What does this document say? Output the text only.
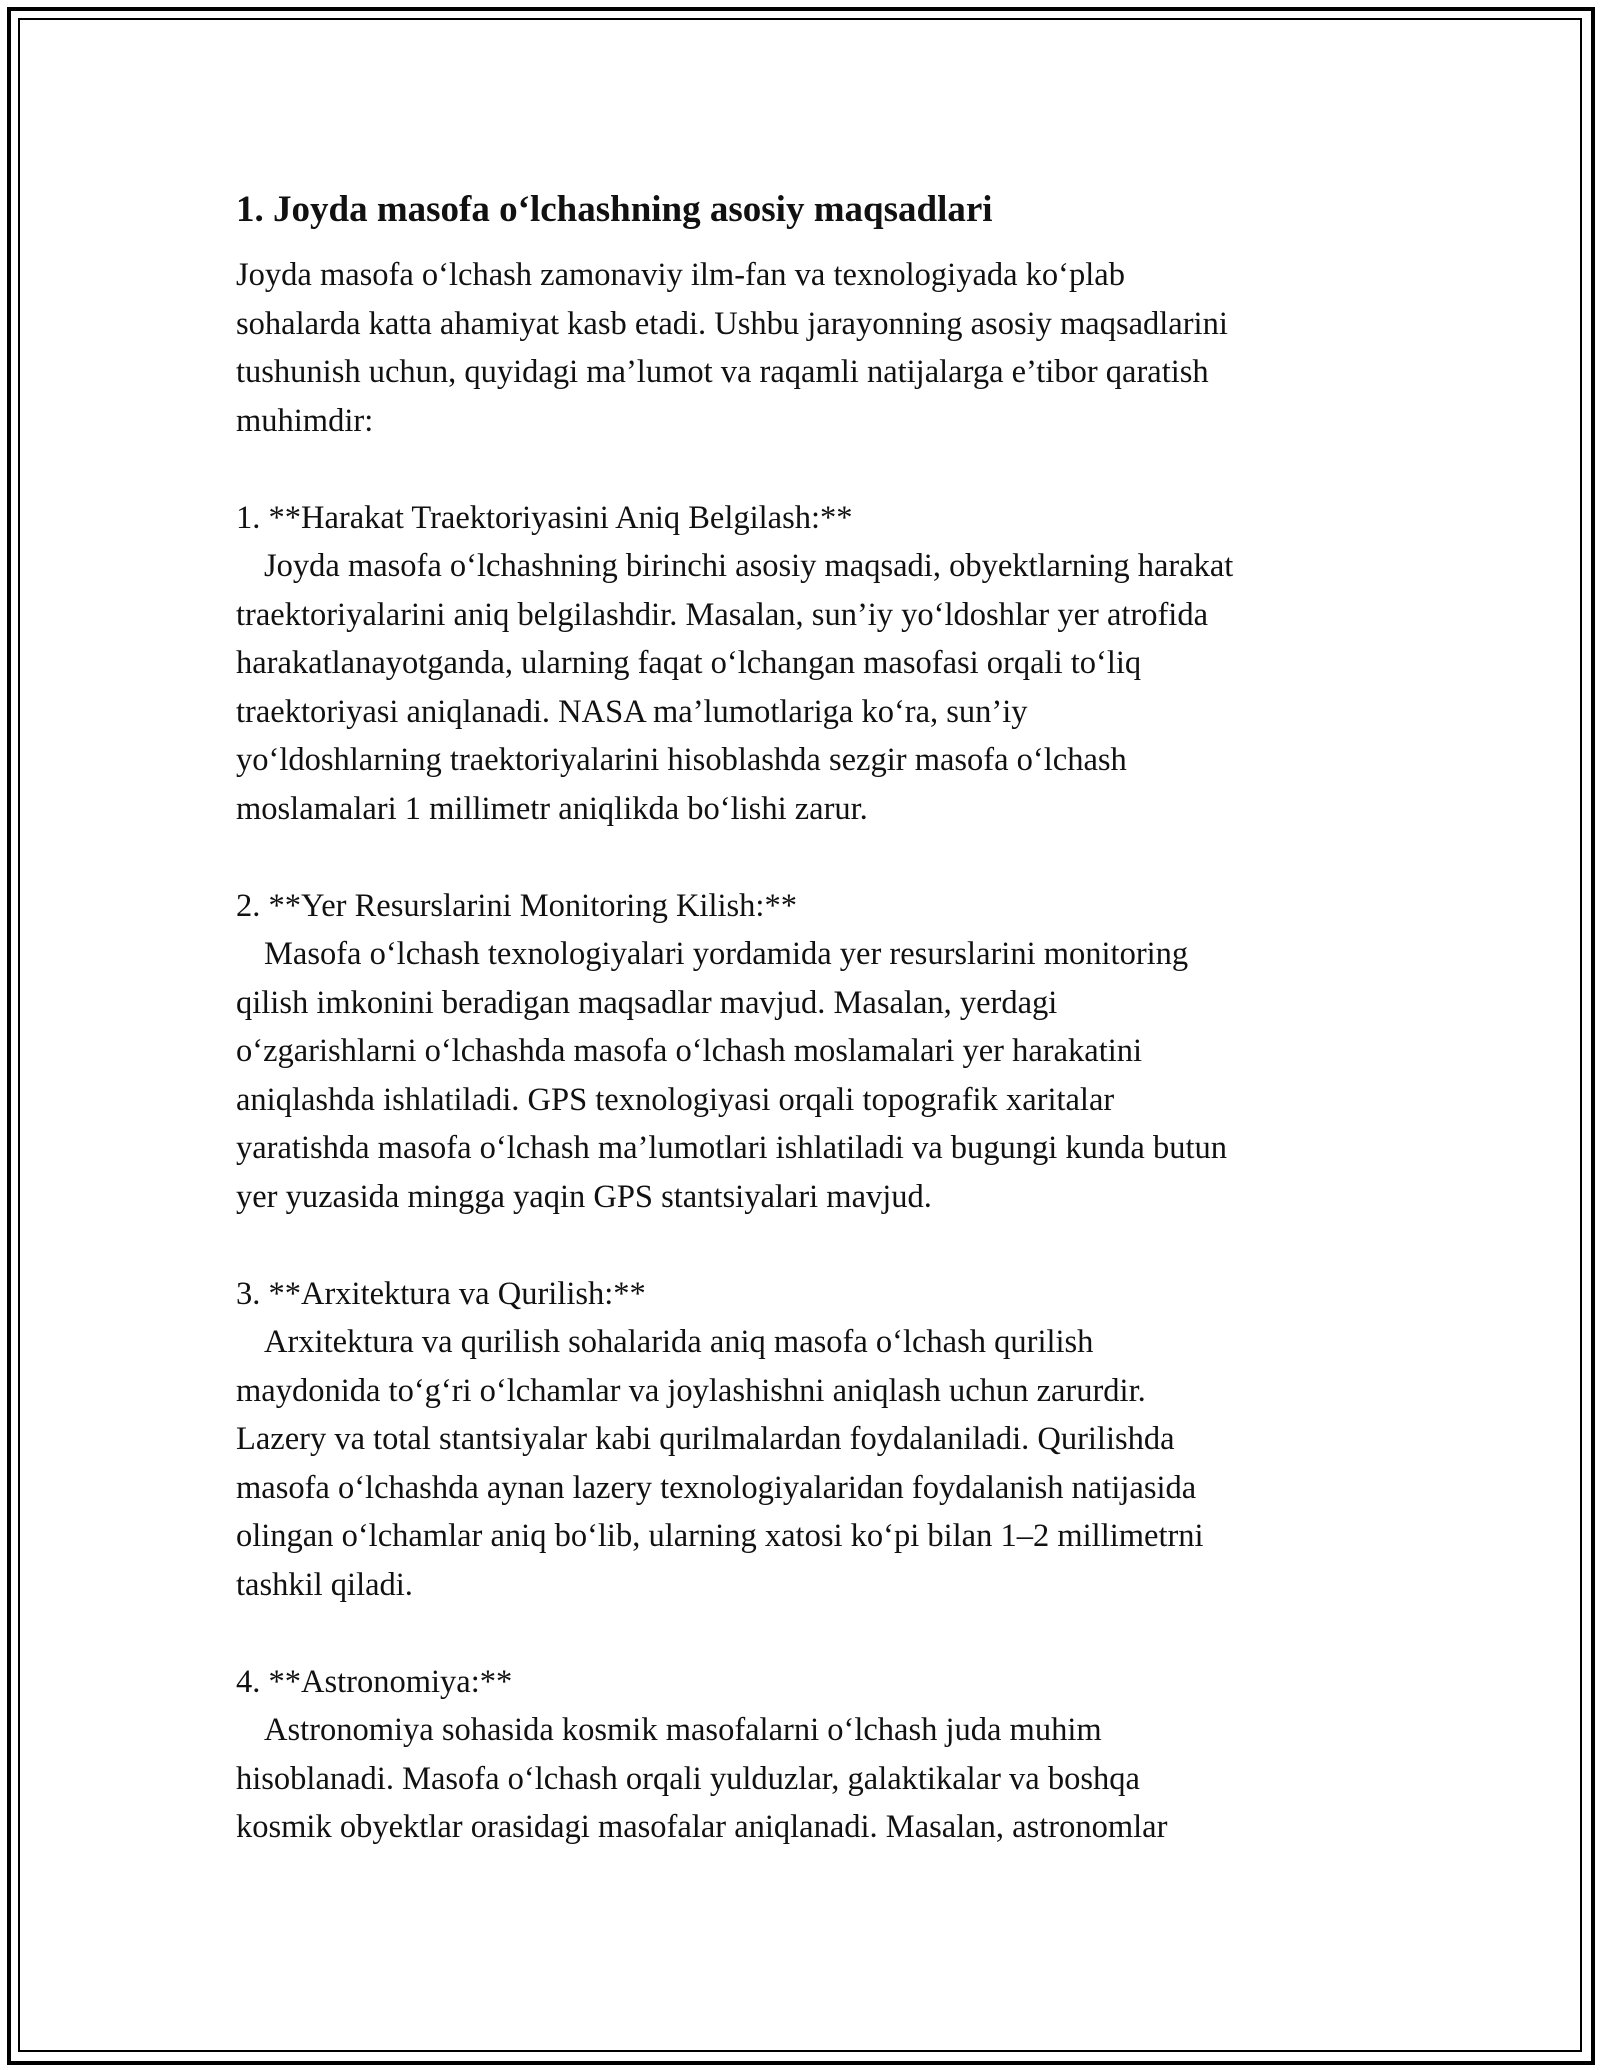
1. Joyda masofa o‘lchashning asosiy maqsadlari

Joyda masofa o‘lchash zamonaviy ilm-fan va texnologiyada ko‘plab
sohalarda katta ahamiyat kasb etadi. Ushbu jarayonning asosiy maqsadlarini
tushunish uchun, quyidagi ma’lumot va raqamli natijalarga e’tibor qaratish
muhimdir:

1. **Harakat Traektoriyasini Aniq Belgilash:**

Joyda masofa o‘lchashning birinchi asosiy maqsadi, obyektlarning harakat
traektoriyalarini aniq belgilashdir. Masalan, sun’iy yo‘ldoshlar yer atrofida
harakatlanayotganda, ularning faqat o‘lchangan masofasi orqali to‘liq
traektoriyasi aniqlanadi. NASA ma’lumotlariga ko‘ra, sun’iy
yo‘ldoshlarning traektoriyalarini hisoblashda sezgir masofa o‘lchash
moslamalari 1 millimetr aniqlikda bo‘lishi zarur.

2. **Yer Resurslarini Monitoring Kilish:**

Masofa o‘lchash texnologiyalari yordamida yer resurslarini monitoring
qilish imkonini beradigan maqsadlar mavjud. Masalan, yerdagi
o‘zgarishlarni o‘lchashda masofa o‘lchash moslamalari yer harakatini
aniqlashda ishlatiladi. GPS texnologiyasi orqali topografik xaritalar
yaratishda masofa o‘lchash ma’lumotlari ishlatiladi va bugungi kunda butun
yer yuzasida mingga yaqin GPS stantsiyalari mavjud.

3. **Arxitektura va Qurilish:**

Arxitektura va qurilish sohalarida aniq masofa o‘lchash qurilish
maydonida to‘g‘ri o‘lchamlar va joylashishni aniqlash uchun zarurdir.
Lazery va total stantsiyalar kabi qurilmalardan foydalaniladi. Qurilishda
masofa o‘lchashda aynan lazery texnologiyalaridan foydalanish natijasida
olingan o‘lchamlar aniq bo‘lib, ularning xatosi ko‘pi bilan 1–2 millimetrni
tashkil qiladi.

4. **Astronomiya:**

Astronomiya sohasida kosmik masofalarni o‘lchash juda muhim
hisoblanadi. Masofa o‘lchash orqali yulduzlar, galaktikalar va boshqa
kosmik obyektlar orasidagi masofalar aniqlanadi. Masalan, astronomlar
